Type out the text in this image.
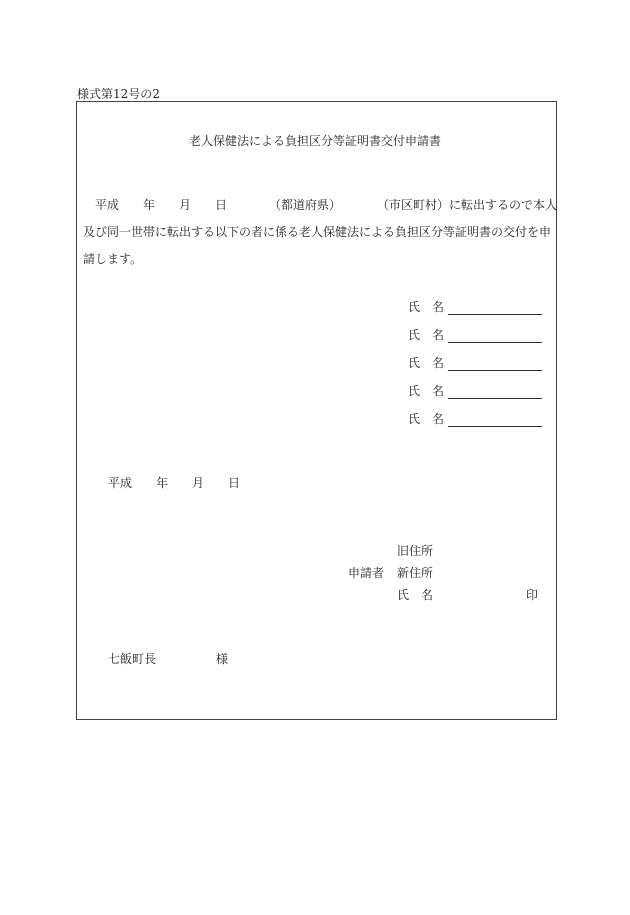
様式第12号の2
老人保健法による負担区分等証明書交付申請書
平成　　年　　月　　日　　　　（都道府県）　　　　（市区町村）に転出するので本人
及び同一世帯に転出する以下の者に係る老人保健法による負担区分等証明書の交付を申
請します。
氏　名
氏　名
氏　名
氏　名
氏　名
平成　　年　　月　　日
旧住所
申請者 新住所
氏　名	印
七飯町長　　　　　様
